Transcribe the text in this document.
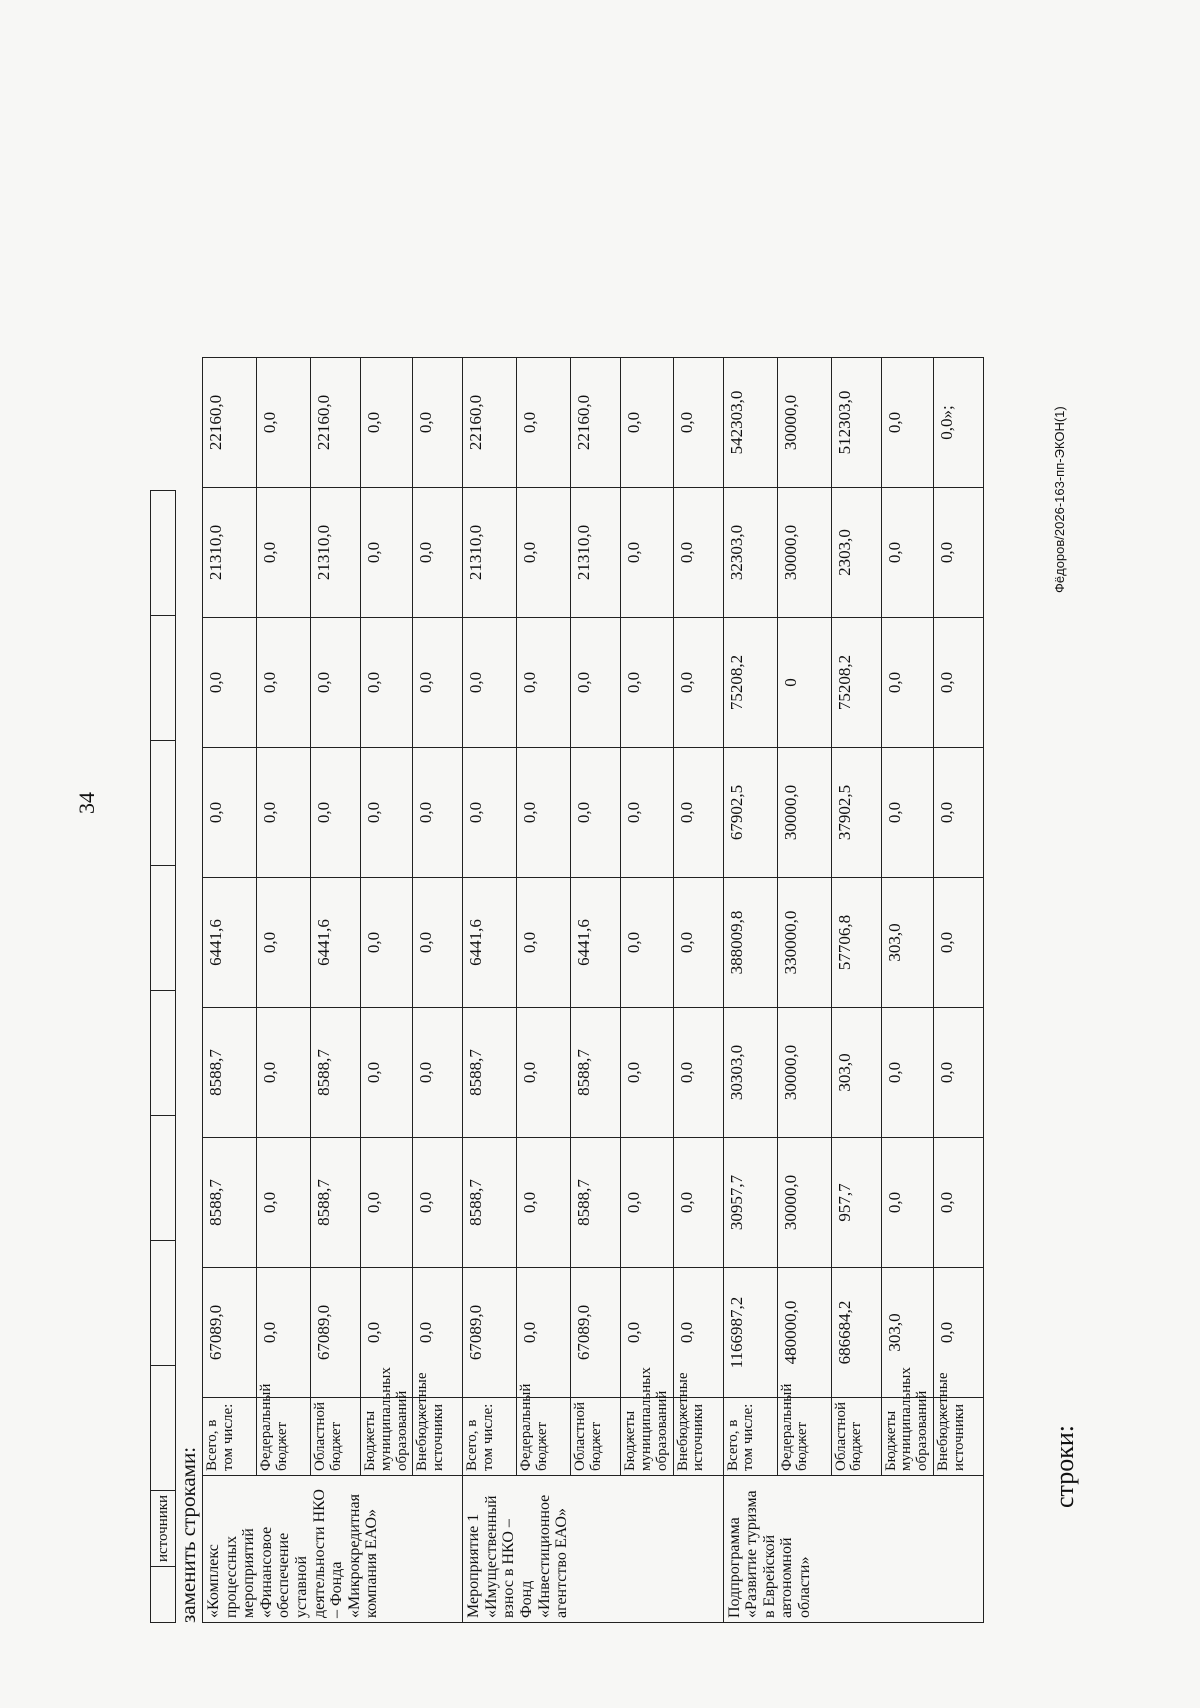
34
	источники								заменить строками: «Комплекс процессных мероприятий «Финансовое обеспечение уставной деятельности НКО – Фонда «Микрокредитная компания ЕАО»	Всего, в том числе:	67089,0	8588,7	8588,7	6441,6	0,0	0,0	21310,0	22160,0
	Федеральный бюджет	0,0	0,0	0,0	0,0	0,0	0,0	0,0	0,0
	Областной бюджет	67089,0	8588,7	8588,7	6441,6	0,0	0,0	21310,0	22160,0
	Бюджеты муниципальных образований	0,0	0,0	0,0	0,0	0,0	0,0	0,0	0,0
	Внебюджетные источники	0,0	0,0	0,0	0,0	0,0	0,0	0,0	0,0
Мероприятие 1 «Имущественный взнос в НКО – Фонд «Инвестиционное агентство ЕАО»	Всего, в том числе:	67089,0	8588,7	8588,7	6441,6	0,0	0,0	21310,0	22160,0
	Федеральный бюджет	0,0	0,0	0,0	0,0	0,0	0,0	0,0	0,0
	Областной бюджет	67089,0	8588,7	8588,7	6441,6	0,0	0,0	21310,0	22160,0
	Бюджеты муниципальных образований	0,0	0,0	0,0	0,0	0,0	0,0	0,0	0,0
	Внебюджетные источники	0,0	0,0	0,0	0,0	0,0	0,0	0,0	0,0
Подпрограмма «Развитие туризма в Еврейской автономной области»	Всего, в том числе:	1166987,2	30957,7	30303,0	388009,8	67902,5	75208,2	32303,0	542303,0
	Федеральный бюджет	480000,0	30000,0	30000,0	330000,0	30000,0	0	30000,0	30000,0
	Областной бюджет	686684,2	957,7	303,0	57706,8	37902,5	75208,2	2303,0	512303,0
	Бюджеты муниципальных образований	303,0	0,0	0,0	303,0	0,0	0,0	0,0	0,0
	Внебюджетные источники	0,0	0,0	0,0	0,0	0,0	0,0	0,0	0,0»;
строки:
Фёдоров/2026-163-пп-ЭКОН(1)
